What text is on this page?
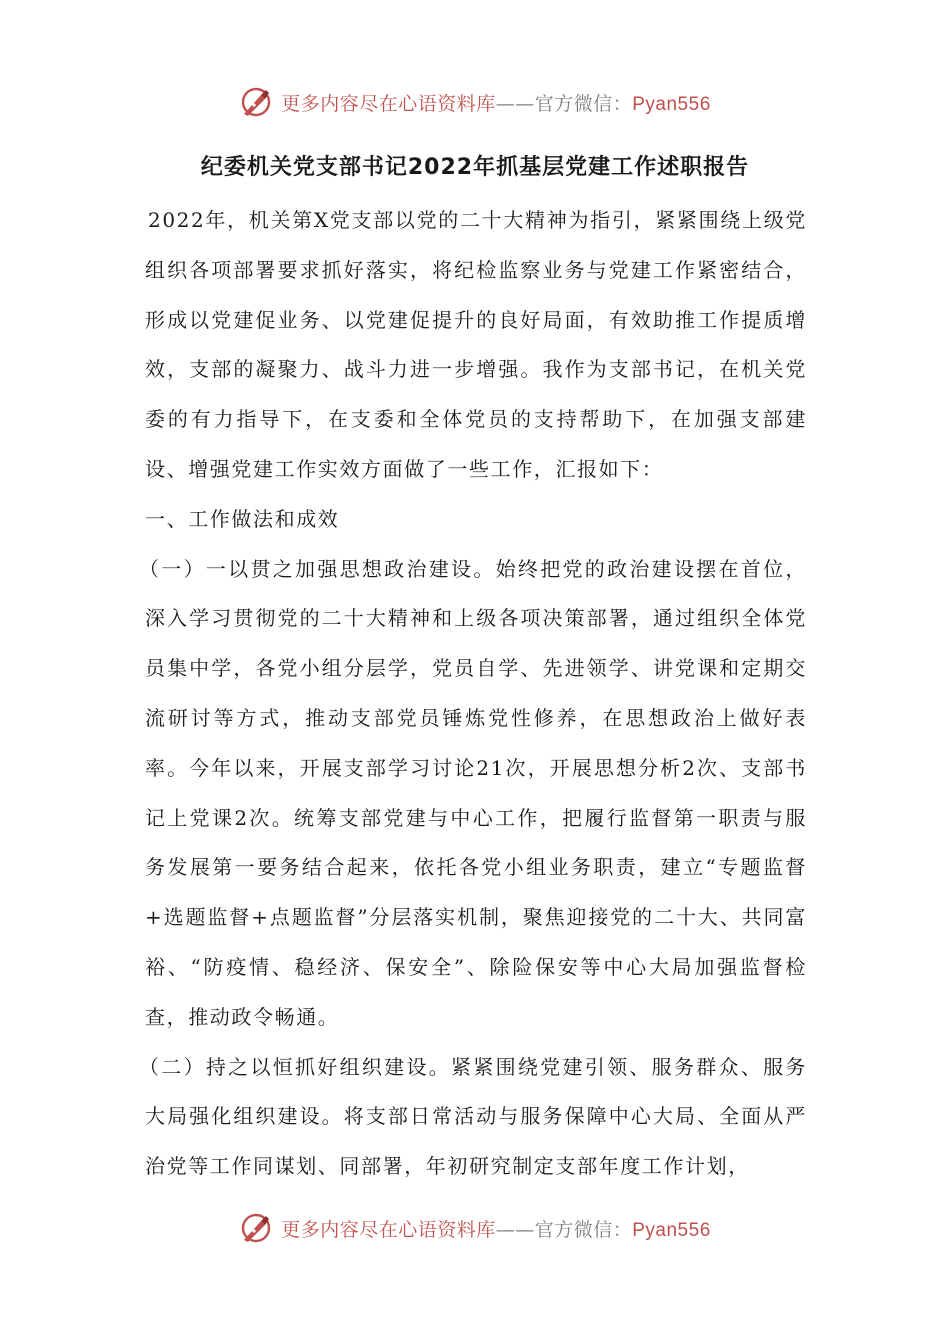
更多内容尽在心语资料库——官方微信：Pyan556
纪委机关党支部书记2022年抓基层党建工作述职报告

2022年，机关第X党支部以党的二十大精神为指引，紧紧围绕上级党组织各项部署要求抓好落实，将纪检监察业务与党建工作紧密结合，形成以党建促业务、以党建促提升的良好局面，有效助推工作提质增效，支部的凝聚力、战斗力进一步增强。我作为支部书记，在机关党委的有力指导下，在支委和全体党员的支持帮助下，在加强支部建设、增强党建工作实效方面做了一些工作，汇报如下：

一、工作做法和成效

（一）一以贯之加强思想政治建设。始终把党的政治建设摆在首位，深入学习贯彻党的二十大精神和上级各项决策部署，通过组织全体党员集中学，各党小组分层学，党员自学、先进领学、讲党课和定期交流研讨等方式，推动支部党员锤炼党性修养，在思想政治上做好表率。今年以来，开展支部学习讨论21次，开展思想分析2次、支部书记上党课2次。统筹支部党建与中心工作，把履行监督第一职责与服务发展第一要务结合起来，依托各党小组业务职责，建立“专题监督+选题监督+点题监督”分层落实机制，聚焦迎接党的二十大、共同富裕、“防疫情、稳经济、保安全”、除险保安等中心大局加强监督检查，推动政令畅通。

（二）持之以恒抓好组织建设。紧紧围绕党建引领、服务群众、服务大局强化组织建设。将支部日常活动与服务保障中心大局、全面从严治党等工作同谋划、同部署，年初研究制定支部年度工作计划，

更多内容尽在心语资料库——官方微信：Pyan556
